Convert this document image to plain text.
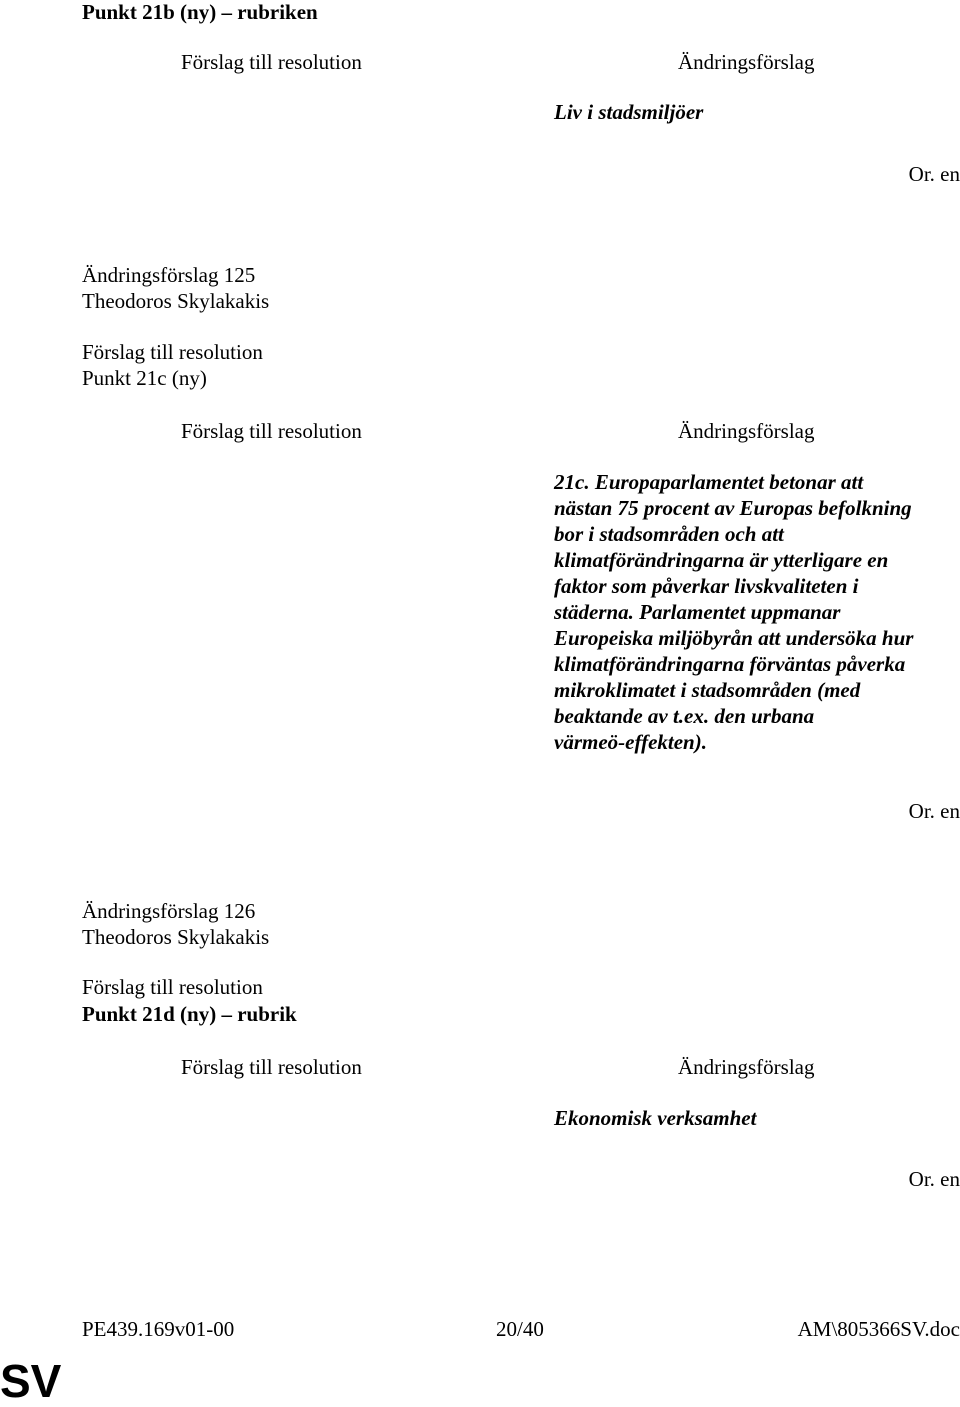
Punkt 21b (ny) – rubriken
Förslag till resolution	Ändringsförslag
Liv i stadsmiljöer
Or. en
Ändringsförslag 125
Theodoros Skylakakis
Förslag till resolution
Punkt 21c (ny)
Förslag till resolution	Ändringsförslag
21c. Europaparlamentet betonar att
nästan 75 procent av Europas befolkning
bor i stadsområden och att
klimatförändringarna är ytterligare en
faktor som påverkar livskvaliteten i
städerna. Parlamentet uppmanar
Europeiska miljöbyrån att undersöka hur
klimatförändringarna förväntas påverka
mikroklimatet i stadsområden (med
beaktande av t.ex. den urbana
värmeö-effekten).
Or. en
Ändringsförslag 126
Theodoros Skylakakis
Förslag till resolution
Punkt 21d (ny) – rubrik
Förslag till resolution	Ändringsförslag
Ekonomisk verksamhet
Or. en
PE439.169v01-00	20/40	AM\805366SV.doc
SV
